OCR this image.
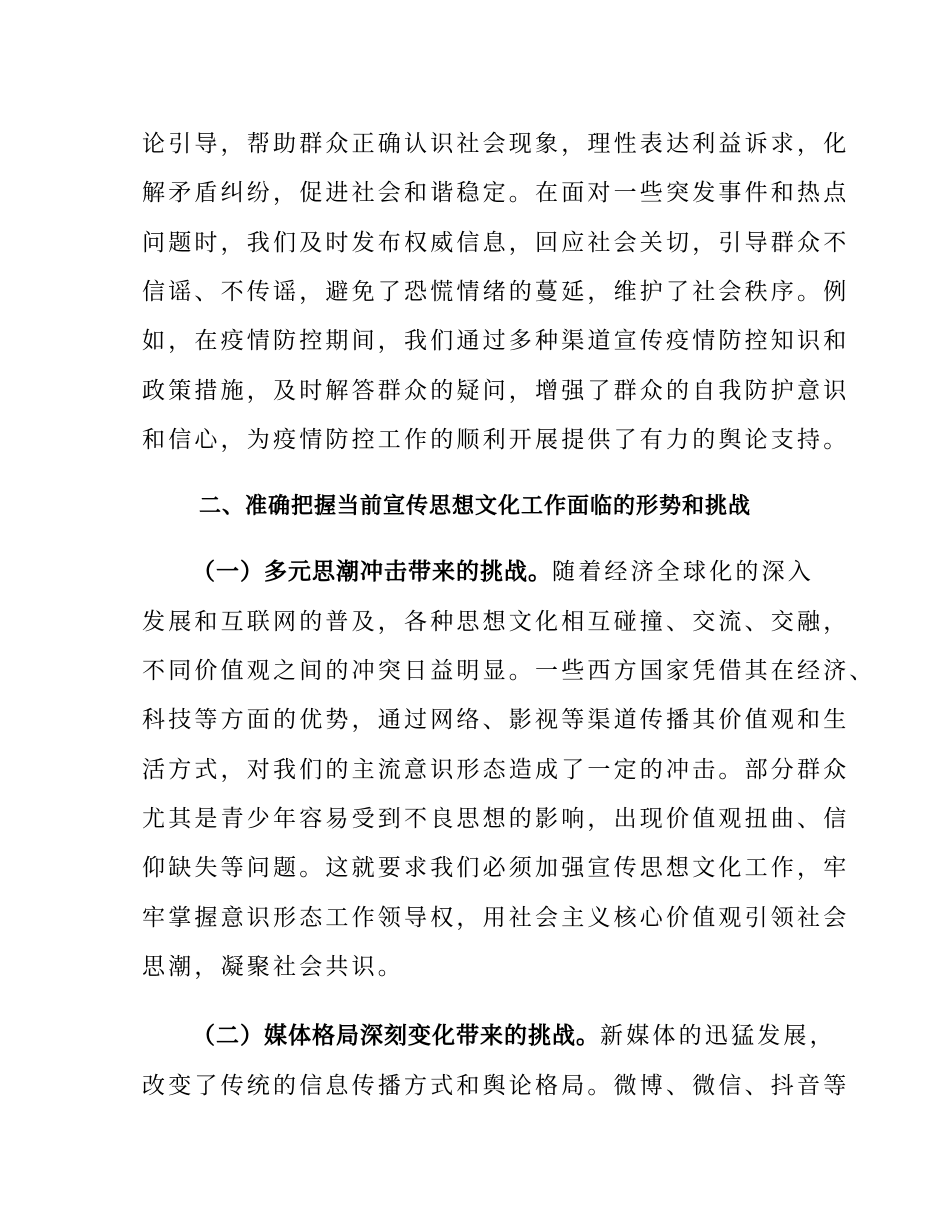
论引导，帮助群众正确认识社会现象，理性表达利益诉求，化
解矛盾纠纷，促进社会和谐稳定。在面对一些突发事件和热点
问题时，我们及时发布权威信息，回应社会关切，引导群众不
信谣、不传谣，避免了恐慌情绪的蔓延，维护了社会秩序。例
如，在疫情防控期间，我们通过多种渠道宣传疫情防控知识和
政策措施，及时解答群众的疑问，增强了群众的自我防护意识
和信心，为疫情防控工作的顺利开展提供了有力的舆论支持。
二、准确把握当前宣传思想文化工作面临的形势和挑战
（一）多元思潮冲击带来的挑战。随着经济全球化的深入
发展和互联网的普及，各种思想文化相互碰撞、交流、交融，
不同价值观之间的冲突日益明显。一些西方国家凭借其在经济、
科技等方面的优势，通过网络、影视等渠道传播其价值观和生
活方式，对我们的主流意识形态造成了一定的冲击。部分群众
尤其是青少年容易受到不良思想的影响，出现价值观扭曲、信
仰缺失等问题。这就要求我们必须加强宣传思想文化工作，牢
牢掌握意识形态工作领导权，用社会主义核心价值观引领社会
思潮，凝聚社会共识。
（二）媒体格局深刻变化带来的挑战。新媒体的迅猛发展，
改变了传统的信息传播方式和舆论格局。微博、微信、抖音等
